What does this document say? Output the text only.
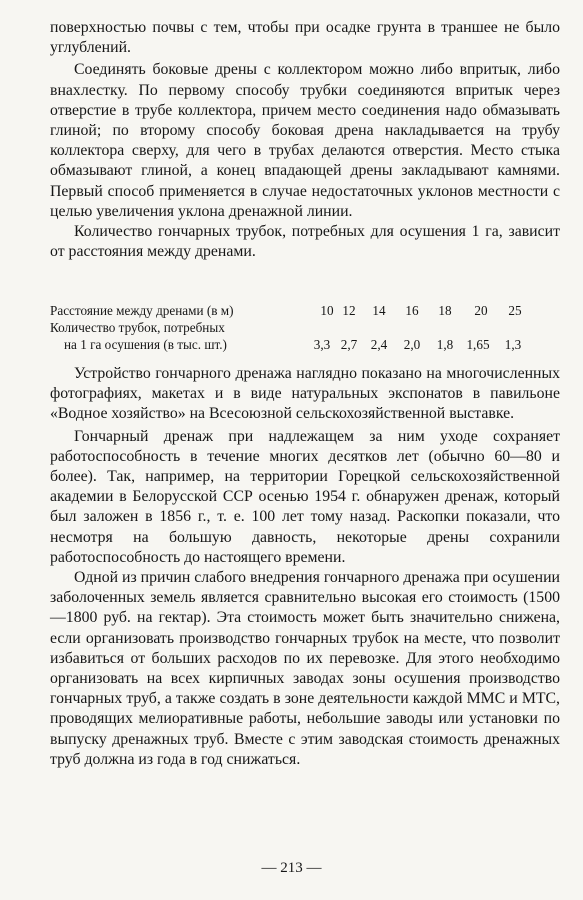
поверхностью почвы с тем, чтобы при осадке грунта в траншее не было углублений.

Соединять боковые дрены с коллектором можно либо впритык, либо внахлестку. По первому способу трубки соединяются впритык через отверстие в трубе коллектора, причем место соединения надо обмазывать глиной; по второму способу боковая дрена накладывается на трубу коллектора сверху, для чего в трубах делаются отверстия. Место стыка обмазывают глиной, а конец впадающей дрены закладывают камнями. Первый способ применяется в случае недостаточных уклонов местности с целью увеличения уклона дренажной линии.

Количество гончарных трубок, потребных для осушения 1 га, зависит от расстояния между дренами.

Расстояние между дренами (в м)	10 12	14	16	18	20	25
Количество трубок, потребных
на 1 га осушения (в тыс. шт.)	3,3 2,7	2,4	2,0	1,8	1,65	1,3

Устройство гончарного дренажа наглядно показано на многочисленных фотографиях, макетах и в виде натуральных экспонатов в павильоне «Водное хозяйство» на Всесоюзной сельскохозяйственной выставке.

Гончарный дренаж при надлежащем за ним уходе сохраняет работоспособность в течение многих десятков лет (обычно 60—80 и более). Так, например, на территории Горецкой сельскохозяйственной академии в Белорусской ССР осенью 1954 г. обнаружен дренаж, который был заложен в 1856 г., т. е. 100 лет тому назад. Раскопки показали, что несмотря на большую давность, некоторые дрены сохранили работоспособность до настоящего времени.

Одной из причин слабого внедрения гончарного дренажа при осушении заболоченных земель является сравнительно высокая его стоимость (1500—1800 руб. на гектар). Эта стоимость может быть значительно снижена, если организовать производство гончарных трубок на месте, что позволит избавиться от больших расходов по их перевозке. Для этого необходимо организовать на всех кирпичных заводах зоны осушения производство гончарных труб, а также создать в зоне деятельности каждой ММС и МТС, проводящих мелиоративные работы, небольшие заводы или установки по выпуску дренажных труб. Вместе с этим заводская стоимость дренажных труб должна из года в год снижаться.

— 213 —
